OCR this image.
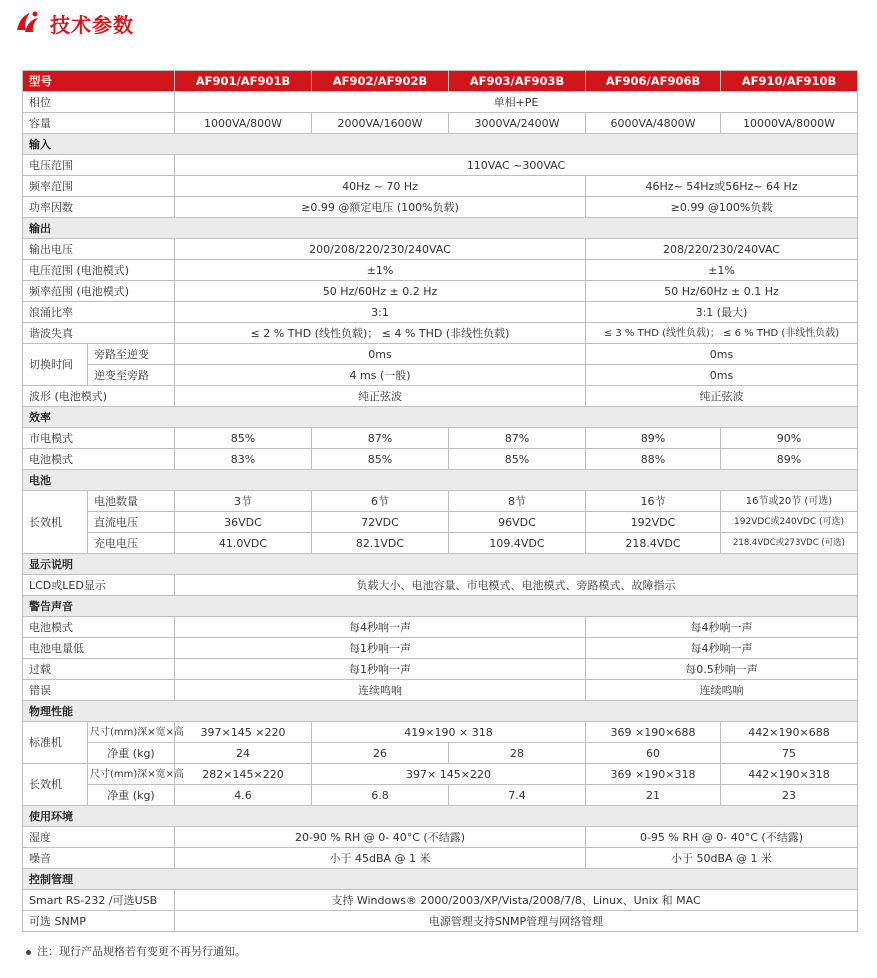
技术参数
型号		AF901/AF901B	AF902/AF902B	AF903/AF903B	AF906/AF906B	AF910/AF910B
相位		单相+PE				
容量		1000VA/800W	2000VA/1600W	3000VA/2400W	6000VA/4800W	10000VA/8000W
输入						
电压范围		110VAC ~300VAC				
频率范围		40Hz ~ 70 Hz			46Hz~ 54Hz或56Hz~ 64 Hz	
功率因数		≥0.99 @额定电压 (100%负载)			≥0.99 @100%负载	
输出						
输出电压		200/208/220/230/240VAC			208/220/230/240VAC	
电压范围 (电池模式)		±1%			±1%	
频率范围 (电池模式)		50 Hz/60Hz ± 0.2 Hz			50 Hz/60Hz ± 0.1 Hz	
浪涌比率		3:1			3:1 (最大)	
谐波失真		≤ 2 % THD (线性负载)； ≤ 4 % THD (非线性负载)			≤ 3 % THD (线性负载)； ≤ 6 % THD (非线性负载)	
切换时间	旁路至逆变	0ms			0ms	
	逆变至旁路	4 ms (一般)			0ms	
波形 (电池模式)		纯正弦波			纯正弦波	
效率						
市电模式		85%	87%	87%	89%	90%
电池模式		83%	85%	85%	88%	89%
电池						
长效机	电池数量	3节	6节	8节	16节	16节或20节 (可选)
	直流电压	36VDC	72VDC	96VDC	192VDC	192VDC或240VDC (可选)
	充电电压	41.0VDC	82.1VDC	109.4VDC	218.4VDC	218.4VDC或273VDC (可选)
显示说明						
LCD或LED显示		负载大小、电池容量、市电模式、电池模式、旁路模式、故障指示				
警告声音						
电池模式		每4秒响一声			每4秒响一声	
电池电量低		每1秒响一声			每4秒响一声	
过载		每1秒响一声			每0.5秒响一声	
错误		连续鸣响			连续鸣响	
物理性能						
标准机	尺寸(mm)深×宽×高	397×145 ×220	419×190 × 318		369 ×190×688	442×190×688
	净重 (kg)	24	26	28	60	75
长效机	尺寸(mm)深×宽×高	282×145×220	397× 145×220		369 ×190×318	442×190×318
	净重 (kg)	4.6	6.8	7.4	21	23
使用环境						
湿度		20-90 % RH @ 0- 40°C (不结露)			0-95 % RH @ 0- 40°C (不结露)	
噪音		小于 45dBA @ 1 米			小于 50dBA @ 1 米	
控制管理						
Smart RS-232 /可选USB		支持 Windows® 2000/2003/XP/Vista/2008/7/8、Linux、Unix 和 MAC				
可选 SNMP		电源管理支持SNMP管理与网络管理				
注：现行产品规格若有变更不再另行通知。
